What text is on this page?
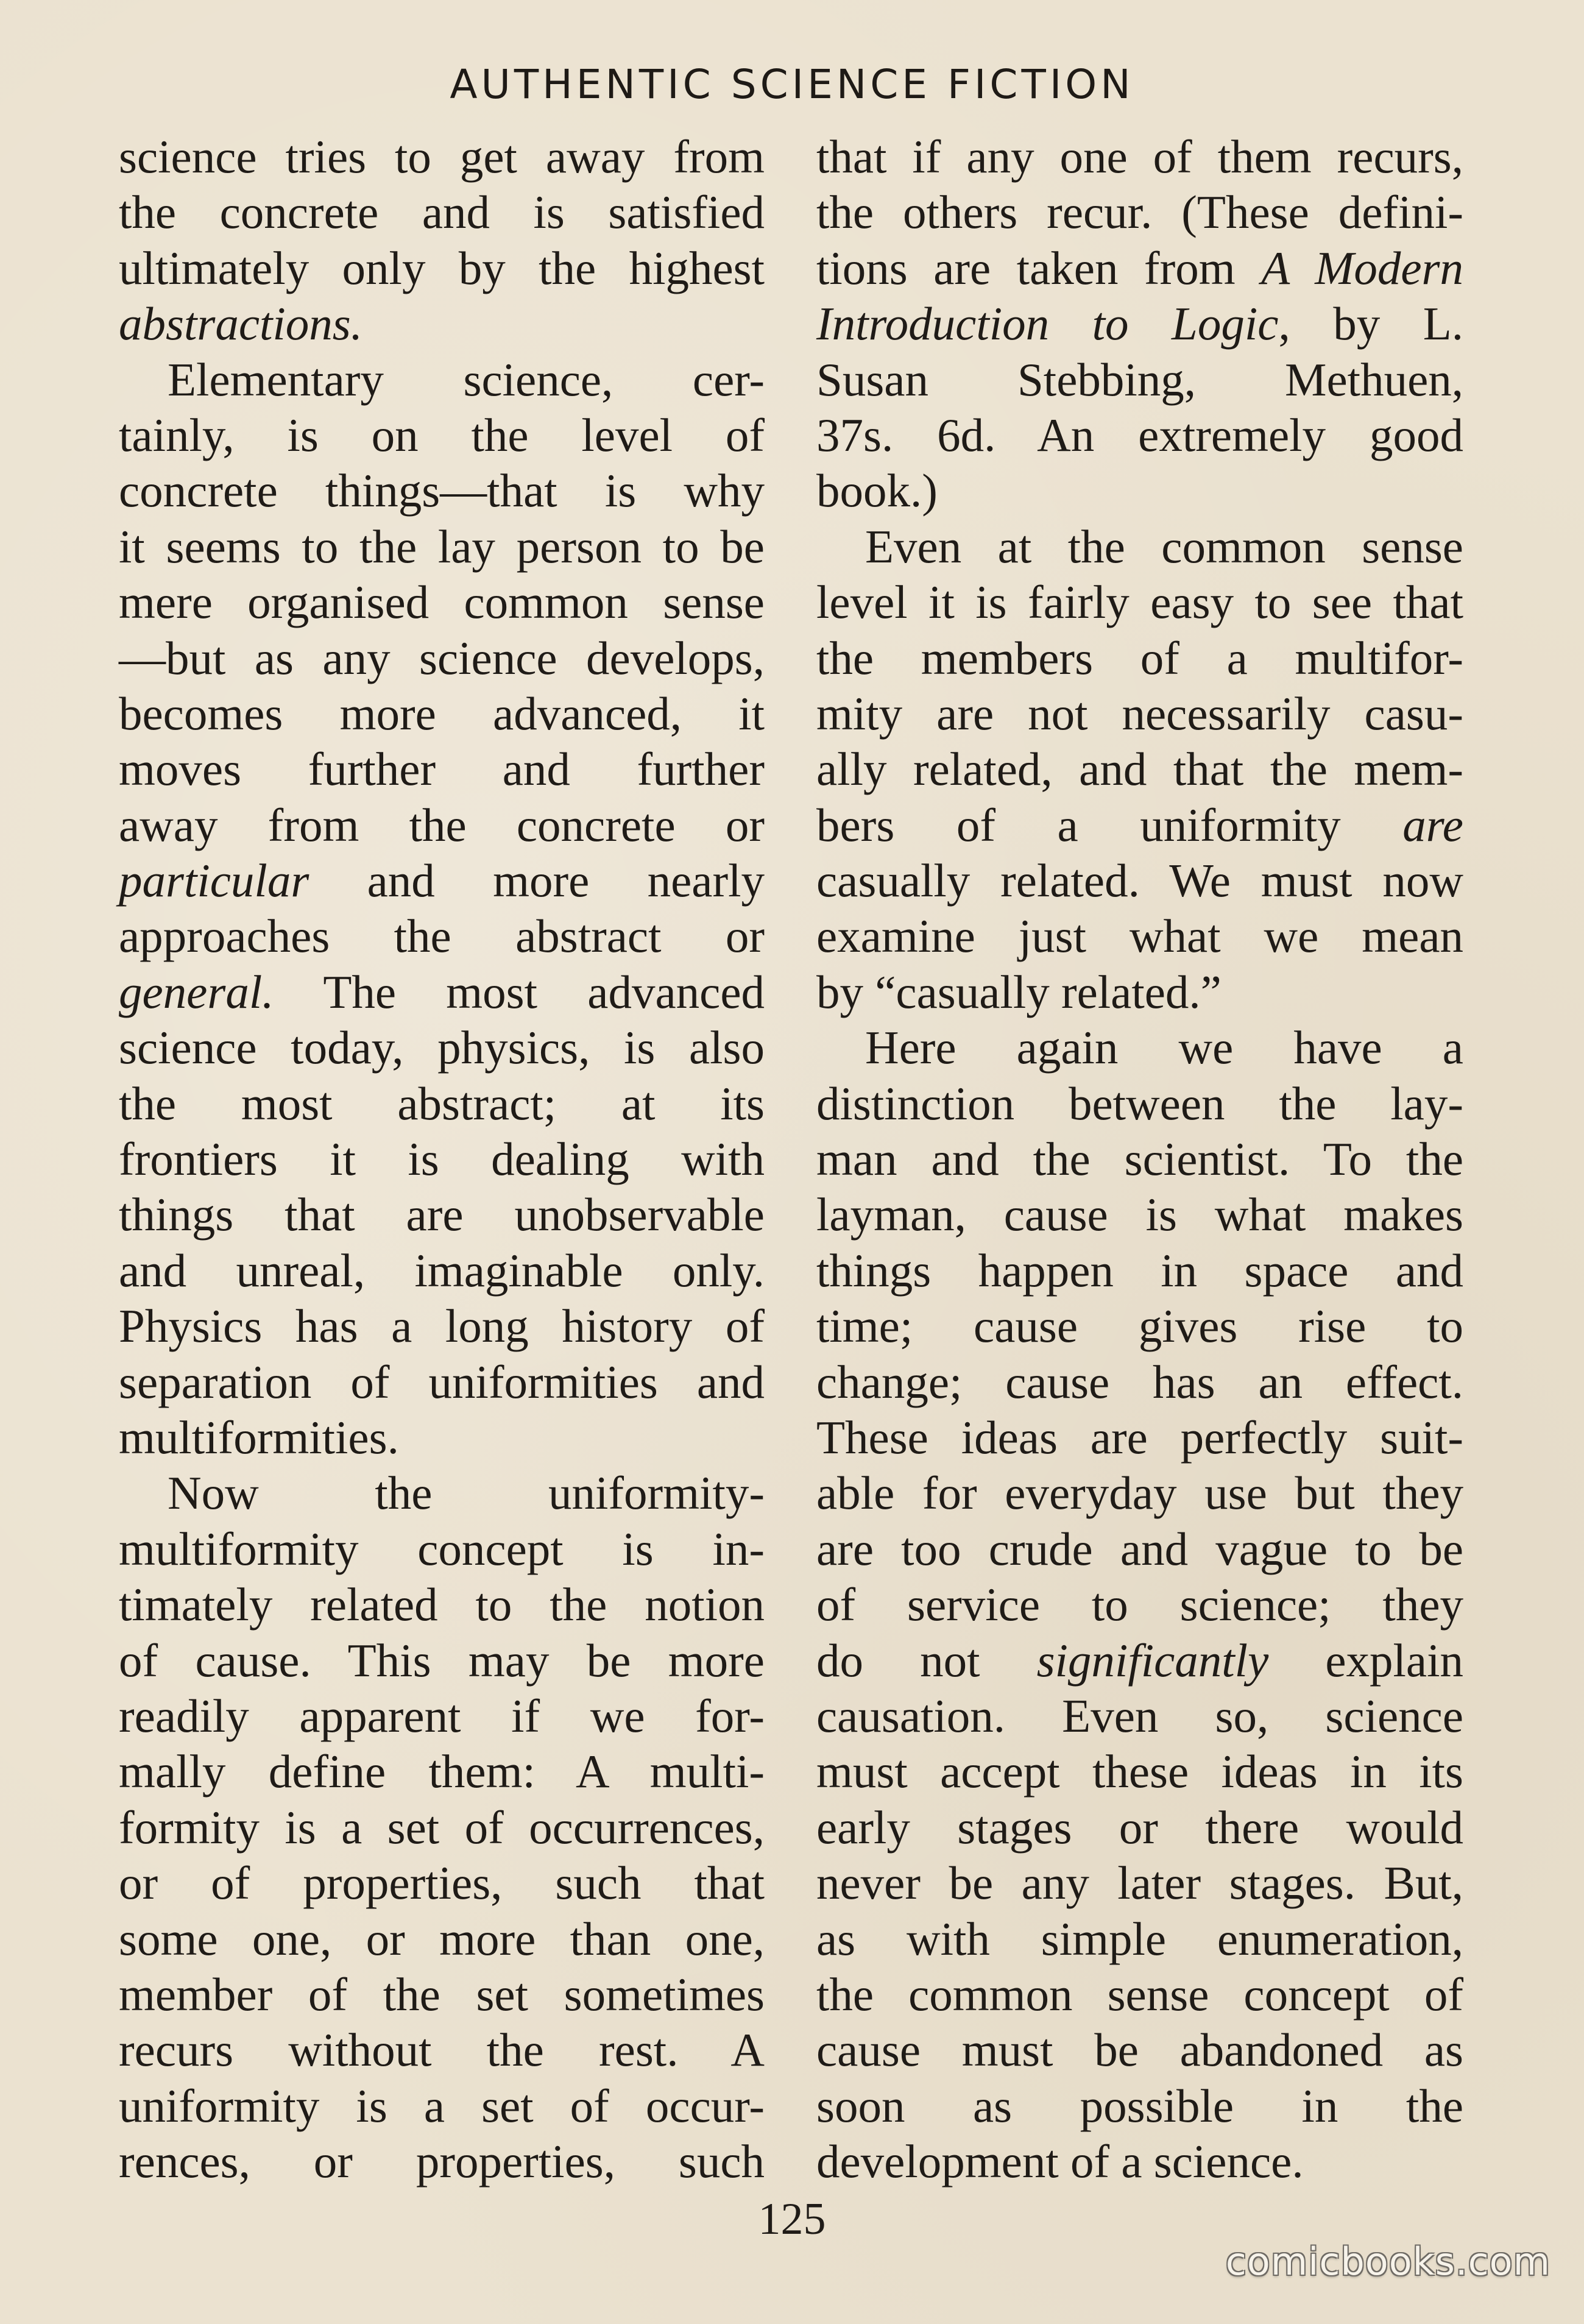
AUTHENTIC SCIENCE FICTION
science tries to get away from
the concrete and is satisfied
ultimately only by the highest
abstractions.
Elementary science, cer-
tainly, is on the level of
concrete things—that is why
it seems to the lay person to be
mere organised common sense
—but as any science develops,
becomes more advanced, it
moves further and further
away from the concrete or
particular and more nearly
approaches the abstract or
general. The most advanced
science today, physics, is also
the most abstract; at its
frontiers it is dealing with
things that are unobservable
and unreal, imaginable only.
Physics has a long history of
separation of uniformities and
multiformities.
Now the uniformity-
multiformity concept is in-
timately related to the notion
of cause. This may be more
readily apparent if we for-
mally define them: A multi-
formity is a set of occurrences,
or of properties, such that
some one, or more than one,
member of the set sometimes
recurs without the rest. A
uniformity is a set of occur-
rences, or properties, such
that if any one of them recurs,
the others recur. (These defini-
tions are taken from A Modern
Introduction to Logic, by L.
Susan Stebbing, Methuen,
37s. 6d. An extremely good
book.)
Even at the common sense
level it is fairly easy to see that
the members of a multifor-
mity are not necessarily casu-
ally related, and that the mem-
bers of a uniformity are
casually related. We must now
examine just what we mean
by “casually related.”
Here again we have a
distinction between the lay-
man and the scientist. To the
layman, cause is what makes
things happen in space and
time; cause gives rise to
change; cause has an effect.
These ideas are perfectly suit-
able for everyday use but they
are too crude and vague to be
of service to science; they
do not significantly explain
causation. Even so, science
must accept these ideas in its
early stages or there would
never be any later stages. But,
as with simple enumeration,
the common sense concept of
cause must be abandoned as
soon as possible in the
development of a science.
125
comicbooks.com
